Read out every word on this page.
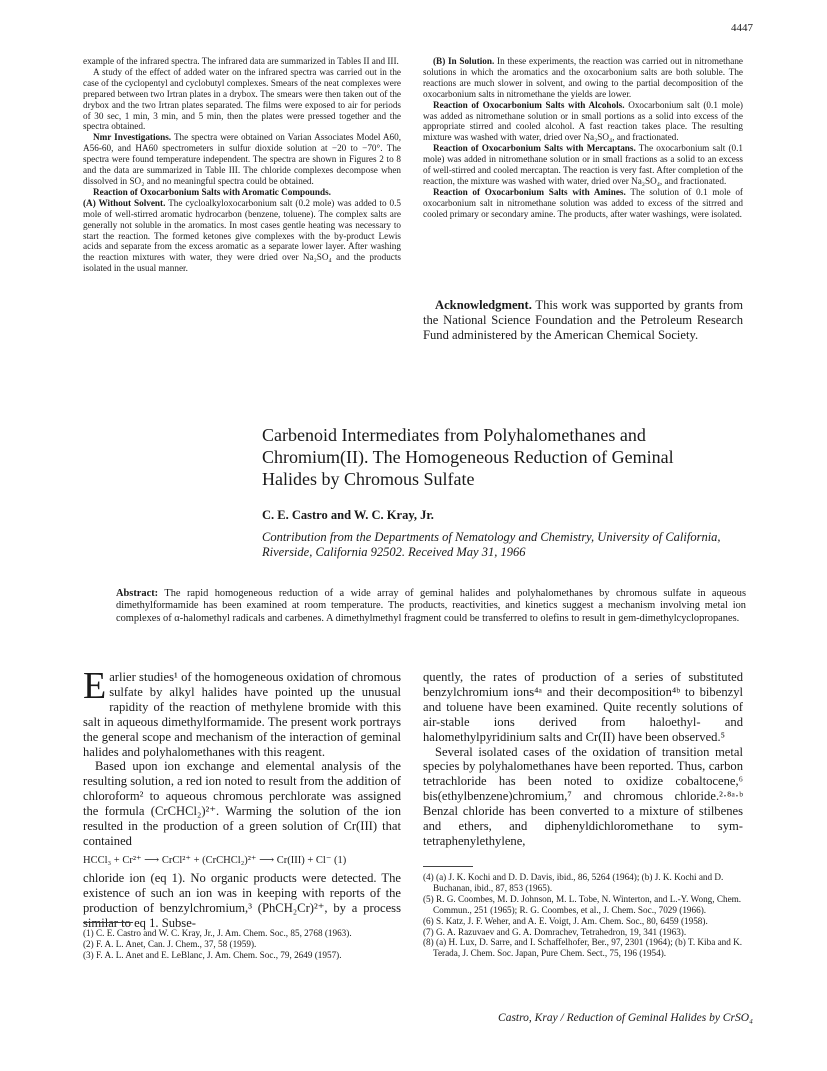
4447

example of the infrared spectra. The infrared data are summarized in Tables II and III.

A study of the effect of added water on the infrared spectra was carried out in the case of the cyclopentyl and cyclobutyl complexes. Smears of the neat complexes were prepared between two Irtran plates in a drybox. The smears were then taken out of the drybox and the two Irtran plates separated. The films were exposed to air for periods of 30 sec, 1 min, 3 min, and 5 min, then the plates were pressed together and the spectra obtained.

Nmr Investigations. The spectra were obtained on Varian Associates Model A60, A56-60, and HA60 spectrometers in sulfur dioxide solution at −20 to −70°. The spectra were found temperature independent. The spectra are shown in Figures 2 to 8 and the data are summarized in Table III. The chloride complexes decompose when dissolved in SO₂ and no meaningful spectra could be obtained.

Reaction of Oxocarbonium Salts with Aromatic Compounds.

(A) Without Solvent. The cycloalkyloxocarbonium salt (0.2 mole) was added to 0.5 mole of well-stirred aromatic hydrocarbon (benzene, toluene). The complex salts are generally not soluble in the aromatics. In most cases gentle heating was necessary to start the reaction. The formed ketones give complexes with the by-product Lewis acids and separate from the excess aromatic as a separate lower layer. After washing the reaction mixtures with water, they were dried over Na₂SO₄ and the products isolated in the usual manner.

(B) In Solution. In these experiments, the reaction was carried out in nitromethane solutions in which the aromatics and the oxocarbonium salts are both soluble. The reactions are much slower in solvent, and owing to the partial decomposition of the oxocarbonium salts in nitromethane the yields are lower.

Reaction of Oxocarbonium Salts with Alcohols. Oxocarbonium salt (0.1 mole) was added as nitromethane solution or in small portions as a solid into excess of the appropriate stirred and cooled alcohol. A fast reaction takes place. The resulting mixture was washed with water, dried over Na₂SO₄, and fractionated.

Reaction of Oxocarbonium Salts with Mercaptans. The oxocarbonium salt (0.1 mole) was added in nitromethane solution or in small fractions as a solid to an excess of well-stirred and cooled mercaptan. The reaction is very fast. After completion of the reaction, the mixture was washed with water, dried over Na₂SO₄, and fractionated.

Reaction of Oxocarbonium Salts with Amines. The solution of 0.1 mole of oxocarbonium salt in nitromethane solution was added to excess of the sitrred and cooled primary or secondary amine. The products, after water washings, were isolated.

Acknowledgment. This work was supported by grants from the National Science Foundation and the Petroleum Research Fund administered by the American Chemical Society.

Carbenoid Intermediates from Polyhalomethanes and Chromium(II). The Homogeneous Reduction of Geminal Halides by Chromous Sulfate
C. E. Castro and W. C. Kray, Jr.
Contribution from the Departments of Nematology and Chemistry, University of California, Riverside, California 92502. Received May 31, 1966
Abstract: The rapid homogeneous reduction of a wide array of geminal halides and polyhalomethanes by chromous sulfate in aqueous dimethylformamide has been examined at room temperature. The products, reactivities, and kinetics suggest a mechanism involving metal ion complexes of α-halomethyl radicals and carbenes. A dimethylmethyl fragment could be transferred to olefins to result in gem-dimethylcyclopropanes.

Earlier studies¹ of the homogeneous oxidation of chromous sulfate by alkyl halides have pointed up the unusual rapidity of the reaction of methylene bromide with this salt in aqueous dimethylformamide. The present work portrays the general scope and mechanism of the interaction of geminal halides and polyhalomethanes with this reagent.

Based upon ion exchange and elemental analysis of the resulting solution, a red ion noted to result from the addition of chloroform² to aqueous chromous perchlorate was assigned the formula (CrCHCl₂)²⁺. Warming the solution of the ion resulted in the production of a green solution of Cr(III) that contained

HCCl₃ + Cr²⁺ ⟶ CrCl²⁺ + (CrCHCl₂)²⁺ ⟶ Cr(III) + Cl⁻ (1)

chloride ion (eq 1). No organic products were detected. The existence of such an ion was in keeping with reports of the production of benzylchromium,³ (PhCH₂Cr)²⁺, by a process similar to eq 1. Subse-

(1) C. E. Castro and W. C. Kray, Jr., J. Am. Chem. Soc., 85, 2768 (1963).
(2) F. A. L. Anet, Can. J. Chem., 37, 58 (1959).
(3) F. A. L. Anet and E. LeBlanc, J. Am. Chem. Soc., 79, 2649 (1957).

quently, the rates of production of a series of substituted benzylchromium ions⁴ᵃ and their decomposition⁴ᵇ to bibenzyl and toluene have been examined. Quite recently solutions of air-stable ions derived from haloethyl- and halomethylpyridinium salts and Cr(II) have been observed.⁵

Several isolated cases of the oxidation of transition metal species by polyhalomethanes have been reported. Thus, carbon tetrachloride has been noted to oxidize cobaltocene,⁶ bis(ethylbenzene)chromium,⁷ and chromous chloride.²·⁸ᵃ·ᵇ Benzal chloride has been converted to a mixture of stilbenes and ethers, and diphenyldichloromethane to sym-tetraphenylethylene,

(4) (a) J. K. Kochi and D. D. Davis, ibid., 86, 5264 (1964); (b) J. K. Kochi and D. Buchanan, ibid., 87, 853 (1965).
(5) R. G. Coombes, M. D. Johnson, M. L. Tobe, N. Winterton, and L.-Y. Wong, Chem. Commun., 251 (1965); R. G. Coombes, et al., J. Chem. Soc., 7029 (1966).
(6) S. Katz, J. F. Weher, and A. E. Voigt, J. Am. Chem. Soc., 80, 6459 (1958).
(7) G. A. Razuvaev and G. A. Domrachev, Tetrahedron, 19, 341 (1963).
(8) (a) H. Lux, D. Sarre, and I. Schaffelhofer, Ber., 97, 2301 (1964); (b) T. Kiba and K. Terada, J. Chem. Soc. Japan, Pure Chem. Sect., 75, 196 (1954).
Castro, Kray / Reduction of Geminal Halides by CrSO₄
